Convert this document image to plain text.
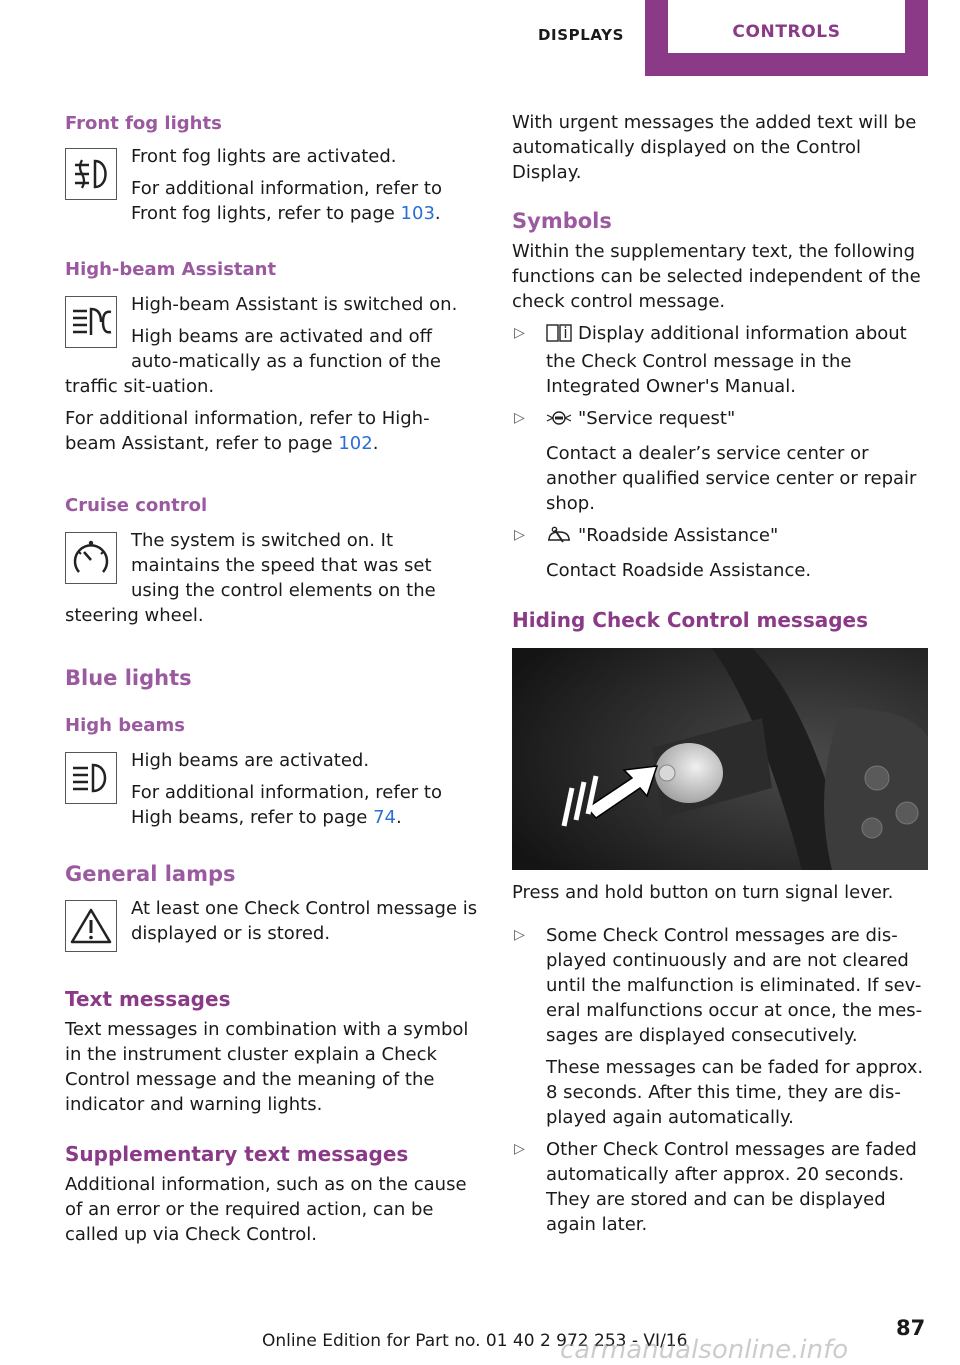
DISPLAYS	CONTROLS
Front fog lights

Front fog lights are activated.

For additional information, refer to Front fog lights, refer to page 103.

High-beam Assistant

High-beam Assistant is switched on.

High beams are activated and off auto-matically as a function of the traffic sit-uation.

For additional information, refer to High-beam Assistant, refer to page 102.

Cruise control

The system is switched on. It maintains the speed that was set using the control elements on the steering wheel.

Blue lights
High beams

High beams are activated.

For additional information, refer to High beams, refer to page 74.

General lamps

At least one Check Control message is displayed or is stored.

Text messages

Text messages in combination with a symbol in the instrument cluster explain a Check Control message and the meaning of the indicator and warning lights.

Supplementary text messages

Additional information, such as on the cause of an error or the required action, can be called up via Check Control.

With urgent messages the added text will be automatically displayed on the Control Display.

Symbols

Within the supplementary text, the following functions can be selected independent of the check control message.

▷	Display additional information about the Check Control message in the Integrated Owner's Manual.
▷	"Service request"

Contact a dealer’s service center or another qualified service center or repair shop.

▷	"Roadside Assistance"

Contact Roadside Assistance.

Hiding Check Control messages

Press and hold button on turn signal lever.

▷ Some Check Control messages are dis-played continuously and are not cleared until the malfunction is eliminated. If sev-eral malfunctions occur at once, the mes-sages are displayed consecutively.

These messages can be faded for approx. 8 seconds. After this time, they are dis-played again automatically.

▷ Other Check Control messages are faded automatically after approx. 20 seconds. They are stored and can be displayed again later.
Online Edition for Part no. 01 40 2 972 253 - VI/16
87
carmanualsonline.info
